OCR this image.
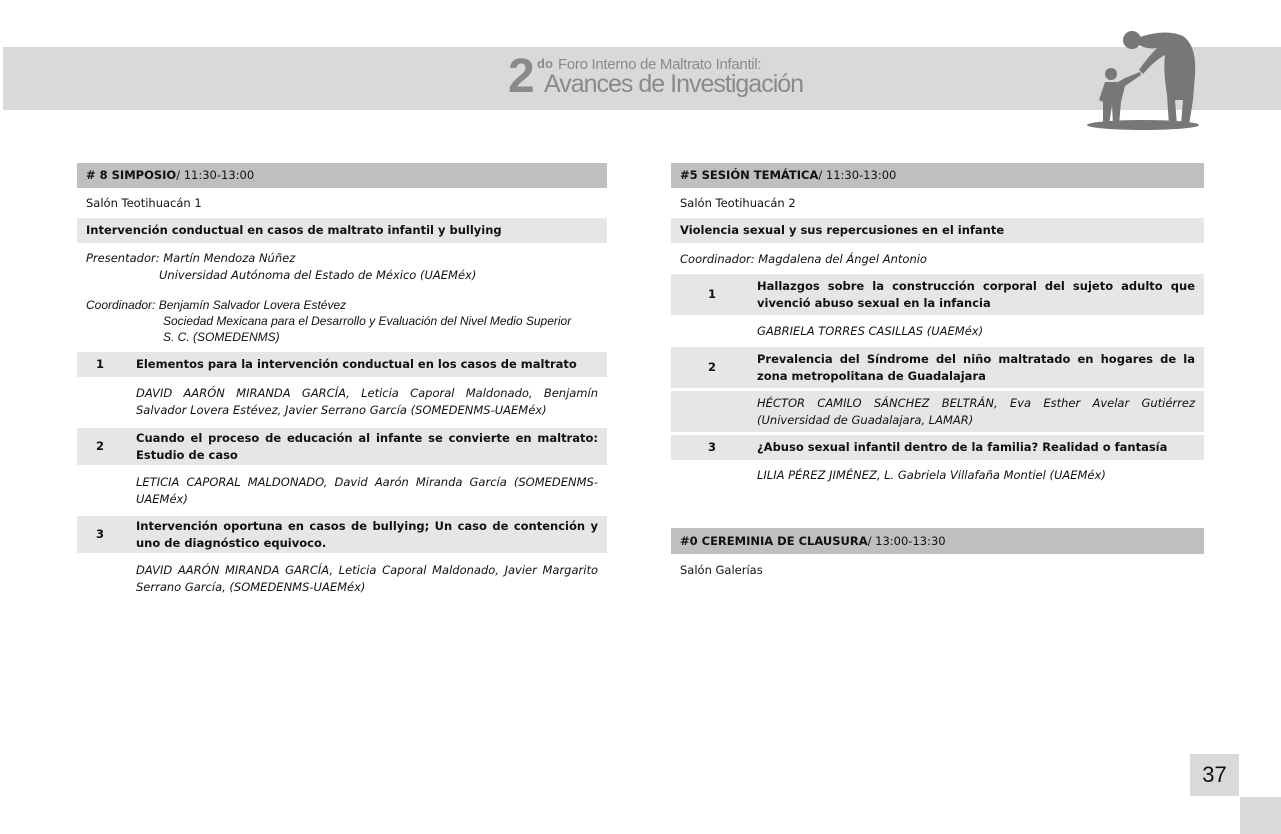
2 do Foro Interno de Maltrato Infantil:
Avances de Investigación
# 8 SIMPOSIO / 11:30-13:00
Salón Teotihuacán 1
Intervención conductual en casos de maltrato infantil y bullying
Presentador: Martín Mendoza Núñez
Universidad Autónoma del Estado de México (UAEMéx)
Coordinador: Benjamín Salvador Lovera Estévez
Sociedad Mexicana para el Desarrollo y Evaluación del Nivel Medio Superior
S. C. (SOMEDENMS)
1	Elementos para la intervención conductual en los casos de maltrato
DAVID AARÓN MIRANDA GARCÍA, Leticia Caporal Maldonado, Benjamín Salvador Lovera Estévez, Javier Serrano García (SOMEDENMS-UAEMéx)
2
Cuando el proceso de educación al infante se convierte en maltrato: Estudio de caso
LETICIA CAPORAL MALDONADO, David Aarón Miranda García (SOMEDENMS-UAEMéx)
3
Intervención oportuna en casos de bullying; Un caso de contención y uno de diagnóstico equivoco.
DAVID AARÓN MIRANDA GARCÍA, Leticia Caporal Maldonado, Javier Margarito Serrano García, (SOMEDENMS-UAEMéx)
#5 SESIÓN TEMÁTICA / 11:30-13:00
Salón Teotihuacán 2
Violencia sexual y sus repercusiones en el infante
Coordinador: Magdalena del Ángel Antonio
1
Hallazgos sobre la construcción corporal del sujeto adulto que vivenció abuso sexual en la infancia
GABRIELA TORRES CASILLAS (UAEMéx)
2
Prevalencia del Síndrome del niño maltratado en hogares de la zona metropolitana de Guadalajara
HÉCTOR CAMILO SÁNCHEZ BELTRÁN, Eva Esther Avelar Gutiérrez (Universidad de Guadalajara, LAMAR)
3	¿Abuso sexual infantil dentro de la familia? Realidad o fantasía
LILIA PÉREZ JIMÉNEZ, L. Gabriela Villafaña Montiel (UAEMéx)
#0 CEREMINIA DE CLAUSURA / 13:00-13:30
Salón Galerías
37
